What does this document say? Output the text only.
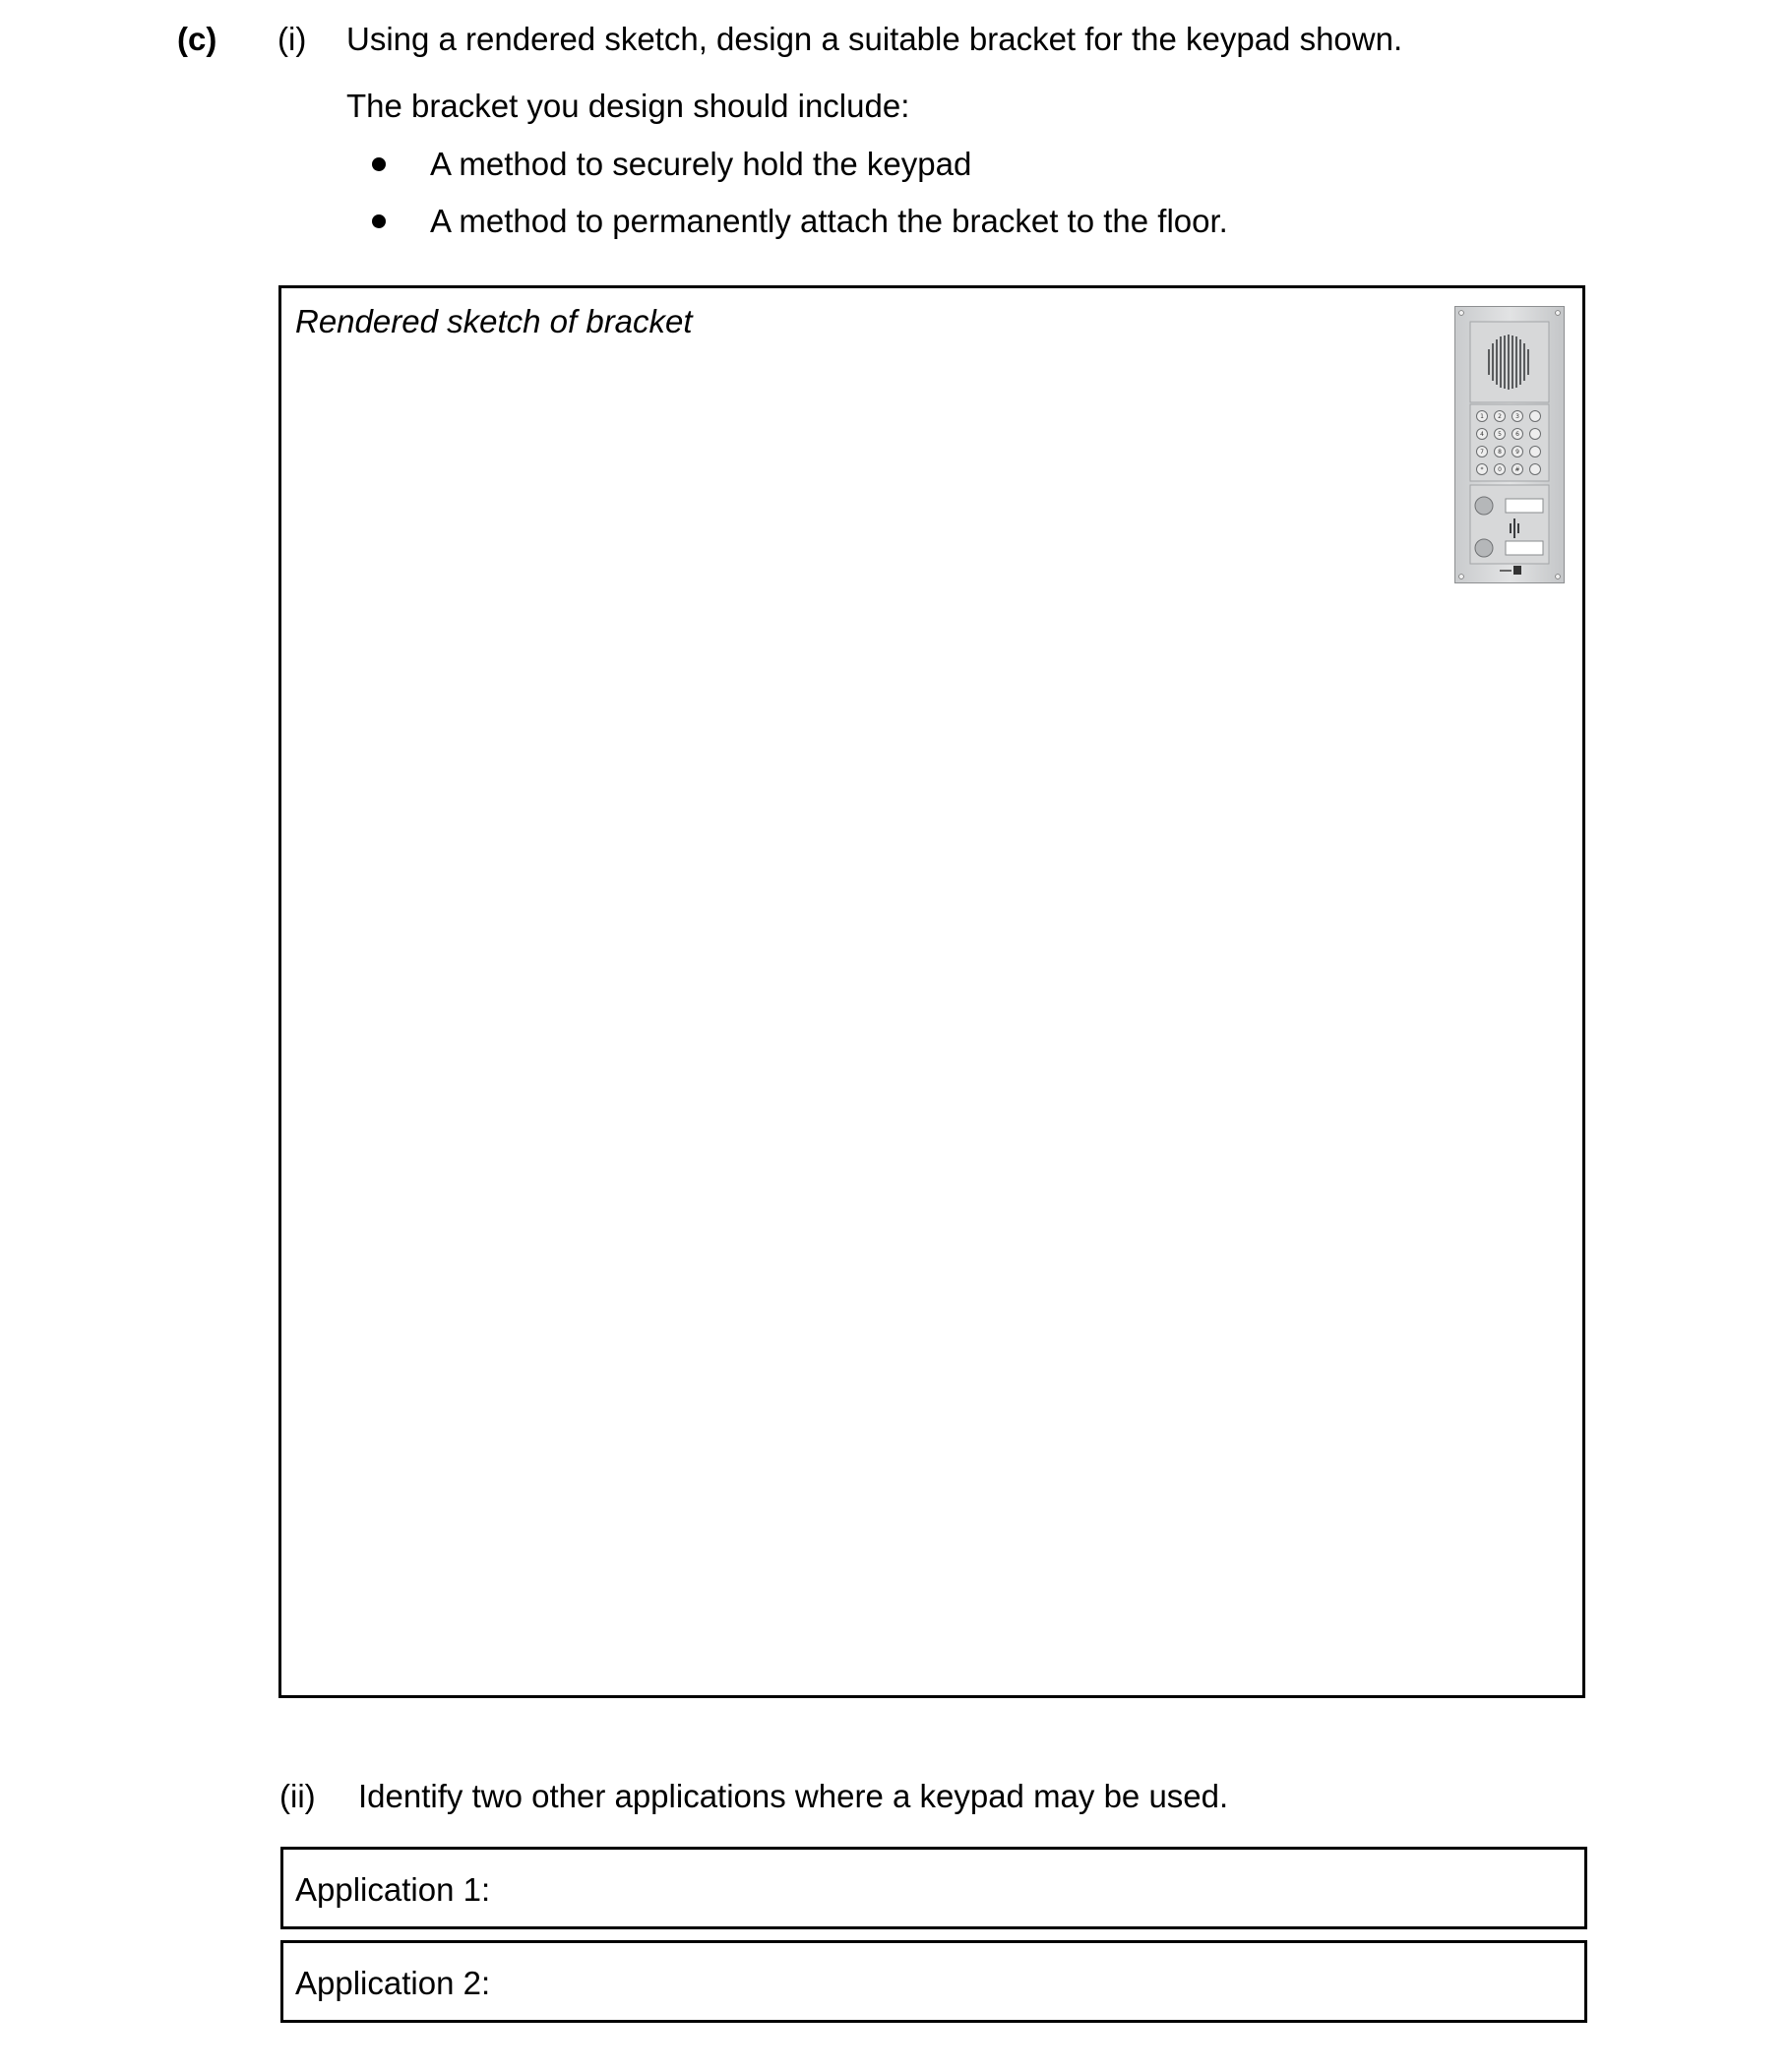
(c) (i) Using a rendered sketch, design a suitable bracket for the keypad shown.
The bracket you design should include:
A method to securely hold the keypad
A method to permanently attach the bracket to the floor.
Rendered sketch of bracket
1 2 3
4 5 6
7 8 9
* 0 #
(ii) Identify two other applications where a keypad may be used.
Application 1:
Application 2:
